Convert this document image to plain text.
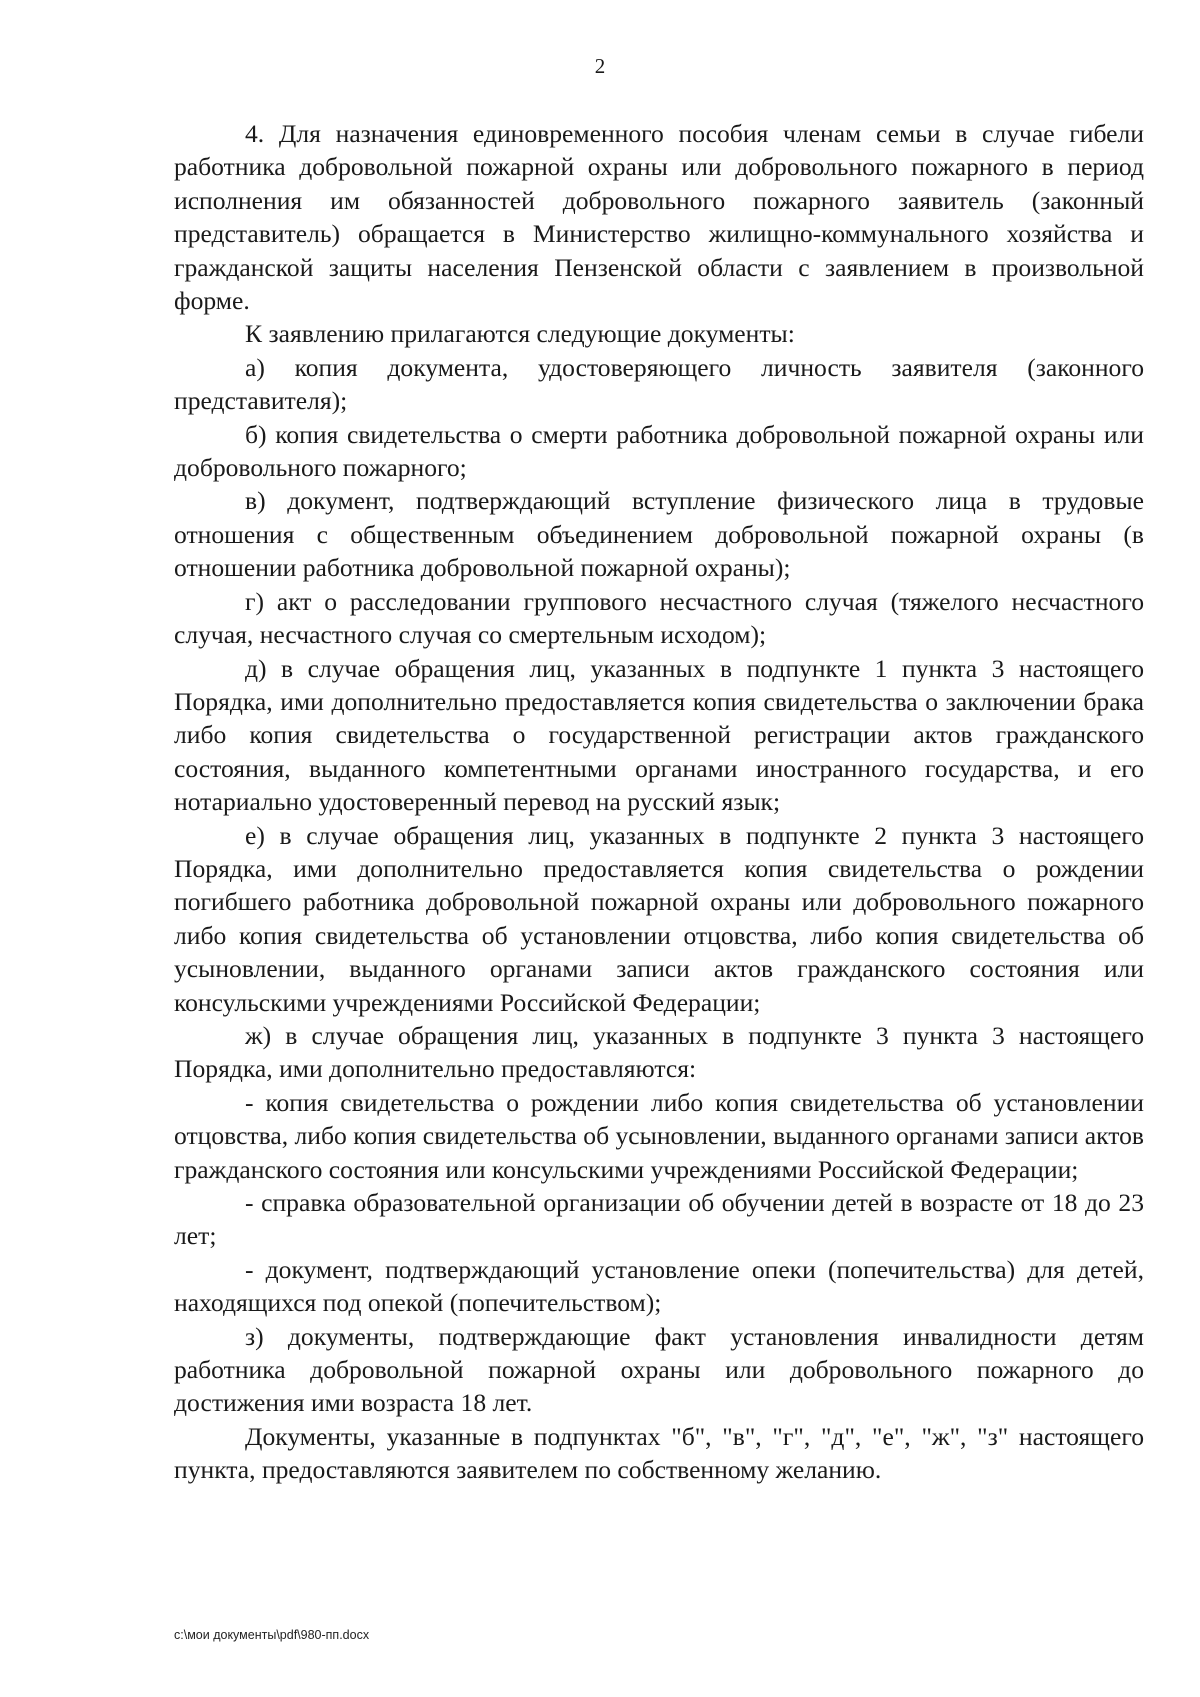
2

4. Для назначения единовременного пособия членам семьи в случае гибели работника добровольной пожарной охраны или добровольного пожарного в период исполнения им обязанностей добровольного пожарного заявитель (законный представитель) обращается в Министерство жилищно-коммунального хозяйства и гражданской защиты населения Пензенской области с заявлением в произвольной форме.

К заявлению прилагаются следующие документы:

а) копия документа, удостоверяющего личность заявителя (законного представителя);

б) копия свидетельства о смерти работника добровольной пожарной охраны или добровольного пожарного;

в) документ, подтверждающий вступление физического лица в трудовые отношения с общественным объединением добровольной пожарной охраны (в отношении работника добровольной пожарной охраны);

г) акт о расследовании группового несчастного случая (тяжелого несчастного случая, несчастного случая со смертельным исходом);

д) в случае обращения лиц, указанных в подпункте 1 пункта 3 настоящего Порядка, ими дополнительно предоставляется копия свидетельства о заключении брака либо копия свидетельства о государственной регистрации актов гражданского состояния, выданного компетентными органами иностранного государства, и его нотариально удостоверенный перевод на русский язык;

е) в случае обращения лиц, указанных в подпункте 2 пункта 3 настоящего Порядка, ими дополнительно предоставляется копия свидетельства о рождении погибшего работника добровольной пожарной охраны или добровольного пожарного либо копия свидетельства об установлении отцовства, либо копия свидетельства об усыновлении, выданного органами записи актов гражданского состояния или консульскими учреждениями Российской Федерации;

ж) в случае обращения лиц, указанных в подпункте 3 пункта 3 настоящего Порядка, ими дополнительно предоставляются:

- копия свидетельства о рождении либо копия свидетельства об установлении отцовства, либо копия свидетельства об усыновлении, выданного органами записи актов гражданского состояния или консульскими учреждениями Российской Федерации;

- справка образовательной организации об обучении детей в возрасте от 18 до 23 лет;

- документ, подтверждающий установление опеки (попечительства) для детей, находящихся под опекой (попечительством);

з) документы, подтверждающие факт установления инвалидности детям работника добровольной пожарной охраны или добровольного пожарного до достижения ими возраста 18 лет.

Документы, указанные в подпунктах "б", "в", "г", "д", "е", "ж", "з" настоящего пункта, предоставляются заявителем по собственному желанию.

c:\мои документы\pdf\980-пп.docx
